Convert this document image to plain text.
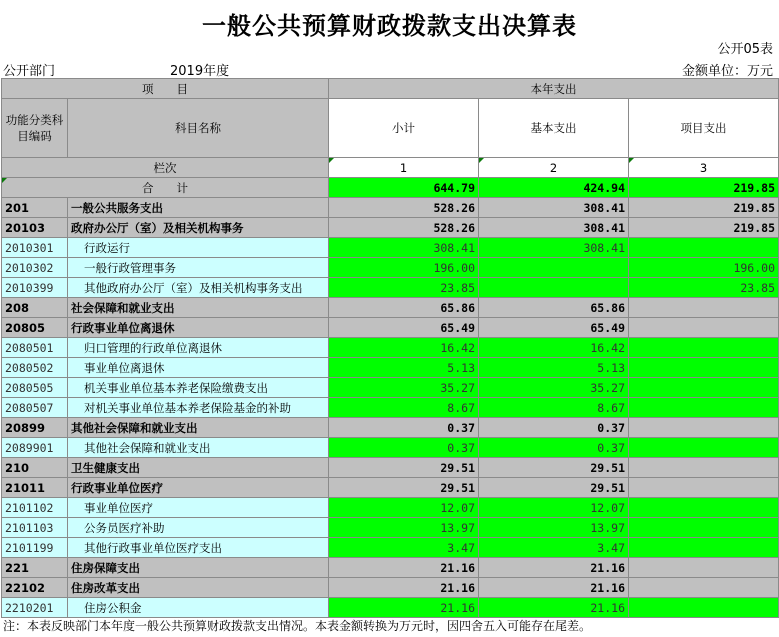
一般公共预算财政拨款支出决算表
公开05表
公开部门	2019年度	金额单位：万元
项　　目		本年支出		
功能分类科目编码	科目名称	小计	基本支出	项目支出
栏次		1	2	3
合　　计		644.79	424.94	219.85
201	一般公共服务支出	528.26	308.41	219.85
20103	政府办公厅（室）及相关机构事务	528.26	308.41	219.85
2010301	行政运行	308.41	308.41	
2010302	一般行政管理事务	196.00		196.00
2010399	其他政府办公厅（室）及相关机构事务支出	23.85		23.85
208	社会保障和就业支出	65.86	65.86	
20805	行政事业单位离退休	65.49	65.49	
2080501	归口管理的行政单位离退休	16.42	16.42	
2080502	事业单位离退休	5.13	5.13	
2080505	机关事业单位基本养老保险缴费支出	35.27	35.27	
2080507	对机关事业单位基本养老保险基金的补助	8.67	8.67	
20899	其他社会保障和就业支出	0.37	0.37	
2089901	其他社会保障和就业支出	0.37	0.37	
210	卫生健康支出	29.51	29.51	
21011	行政事业单位医疗	29.51	29.51	
2101102	事业单位医疗	12.07	12.07	
2101103	公务员医疗补助	13.97	13.97	
2101199	其他行政事业单位医疗支出	3.47	3.47	
221	住房保障支出	21.16	21.16	
22102	住房改革支出	21.16	21.16	
2210201	住房公积金	21.16	21.16	
注：本表反映部门本年度一般公共预算财政拨款支出情况。本表金额转换为万元时，因四舍五入可能存在尾差。
